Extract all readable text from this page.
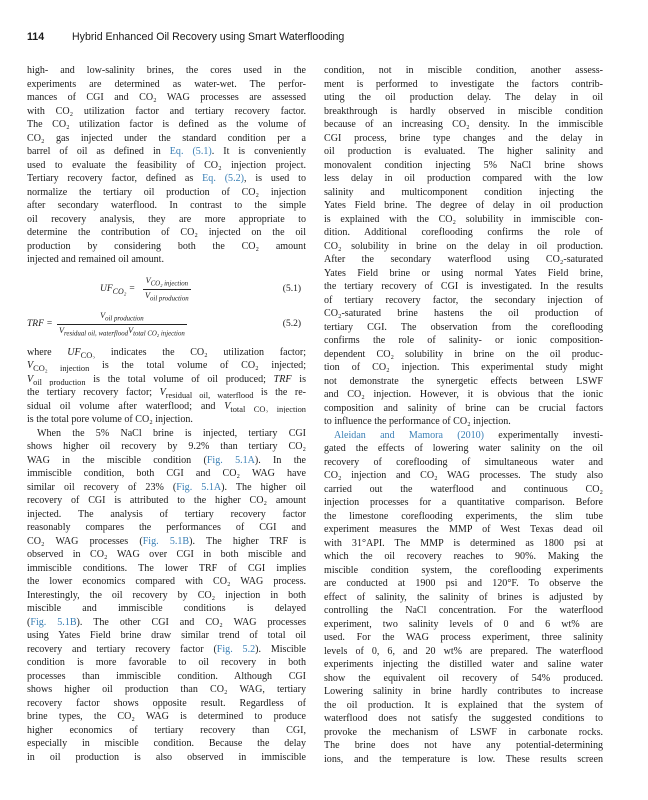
114	Hybrid Enhanced Oil Recovery using Smart Waterflooding
high- and low-salinity brines, the cores used in the
experiments are determined as water-wet. The perfor-
mances of CGI and CO₂ WAG processes are assessed
with CO₂ utilization factor and tertiary recovery factor.
The CO₂ utilization factor is defined as the volume of
CO₂ gas injected under the standard condition per a
barrel of oil as defined in Eq. (5.1). It is conveniently
used to evaluate the feasibility of CO₂ injection project.
Tertiary recovery factor, defined as Eq. (5.2), is used to
normalize the tertiary oil production of CO₂ injection
after secondary waterflood. In contrast to the simple
oil recovery analysis, they are more appropriate to
determine the contribution of CO₂ injected on the oil
production by considering both the CO₂ amount
injected and remained oil amount.
$UF_{CO_2}$ =
$V_{CO_2 injection}$
$V_{oil production}$
(5.1)
TRF =
$V_{oil production}$
$V_{residual oil, waterflood}V_{total CO_2 injection}$
(5.2)
where $UF_{CO_2}$ indicates the CO₂ utilization factor;
$V_{CO_2 injection}$ is the total volume of CO₂ injected;
$V_{oil production}$ is the total volume of oil produced; TRF is
the tertiary recovery factor; $V_{residual oil, waterflood}$ is the re-
sidual oil volume after waterflood; and $V_{total CO_2 injection}$
is the total pore volume of CO₂ injection.
When the 5% NaCl brine is injected, tertiary CGI
shows higher oil recovery by 9.2% than tertiary CO₂
WAG in the miscible condition (Fig. 5.1A). In the
immiscible condition, both CGI and CO₂ WAG have
similar oil recovery of 23% (Fig. 5.1A). The higher oil
recovery of CGI is attributed to the higher CO₂ amount
injected. The analysis of tertiary recovery factor
reasonably compares the performances of CGI and
CO₂ WAG processes (Fig. 5.1B). The higher TRF is
observed in CO₂ WAG over CGI in both miscible and
immiscible conditions. The lower TRF of CGI implies
the lower economics compared with CO₂ WAG process.
Interestingly, the oil recovery by CO₂ injection in both
miscible and immiscible conditions is delayed
(Fig. 5.1B). The other CGI and CO₂ WAG processes
using Yates Field brine draw similar trend of total oil
recovery and tertiary recovery factor (Fig. 5.2). Miscible
condition is more favorable to oil recovery in both
processes than immiscible condition. Although CGI
shows higher oil production than CO₂ WAG, tertiary
recovery factor shows opposite result. Regardless of
brine types, the CO₂ WAG is determined to produce
higher economics of tertiary recovery than CGI,
especially in miscible condition. Because the delay
in oil production is also observed in immiscible
condition, not in miscible condition, another assess-
ment is performed to investigate the factors contrib-
uting the oil production delay. The delay in oil
breakthrough is hardly observed in miscible condition
because of an increasing CO₂ density. In the immiscible
CGI process, brine type changes and the delay in
oil production is evaluated. The higher salinity and
monovalent condition injecting 5% NaCl brine shows
less delay in oil production compared with the low
salinity and multicomponent condition injecting the
Yates Field brine. The degree of delay in oil production
is explained with the CO₂ solubility in immiscible con-
dition. Additional coreflooding confirms the role of
CO₂ solubility in brine on the delay in oil production.
After the secondary waterflood using CO₂-saturated
Yates Field brine or using normal Yates Field brine,
the tertiary recovery of CGI is investigated. In the results
of tertiary recovery factor, the secondary injection of
CO₂-saturated brine hastens the oil production of
tertiary CGI. The observation from the coreflooding
confirms the role of salinity- or ionic composition-
dependent CO₂ solubility in brine on the oil produc-
tion of CO₂ injection. This experimental study might
not demonstrate the synergetic effects between LSWF
and CO₂ injection. However, it is obvious that the ionic
composition and salinity of brine can be crucial factors
to influence the performance of CO₂ injection.
Aleidan and Mamora (2010) experimentally investi-
gated the effects of lowering water salinity on the oil
recovery of coreflooding of simultaneous water and
CO₂ injection and CO₂ WAG processes. The study also
carried out the waterflood and continuous CO₂
injection processes for a quantitative comparison. Before
the limestone coreflooding experiments, the slim tube
experiment measures the MMP of West Texas dead oil
with 31°API. The MMP is determined as 1800 psi at
which the oil recovery reaches to 90%. Making the
miscible condition system, the coreflooding experiments
are conducted at 1900 psi and 120°F. To observe the
effect of salinity, the salinity of brines is adjusted by
controlling the NaCl concentration. For the waterflood
experiment, two salinity levels of 0 and 6 wt% are
used. For the WAG process experiment, three salinity
levels of 0, 6, and 20 wt% are prepared. The waterflood
experiments injecting the distilled water and saline water
show the equivalent oil recovery of 54% produced.
Lowering salinity in brine hardly contributes to increase
the oil production. It is explained that the system of
waterflood does not satisfy the suggested conditions to
provoke the mechanism of LSWF in carbonate rocks.
The brine does not have any potential-determining
ions, and the temperature is low. These results screen
